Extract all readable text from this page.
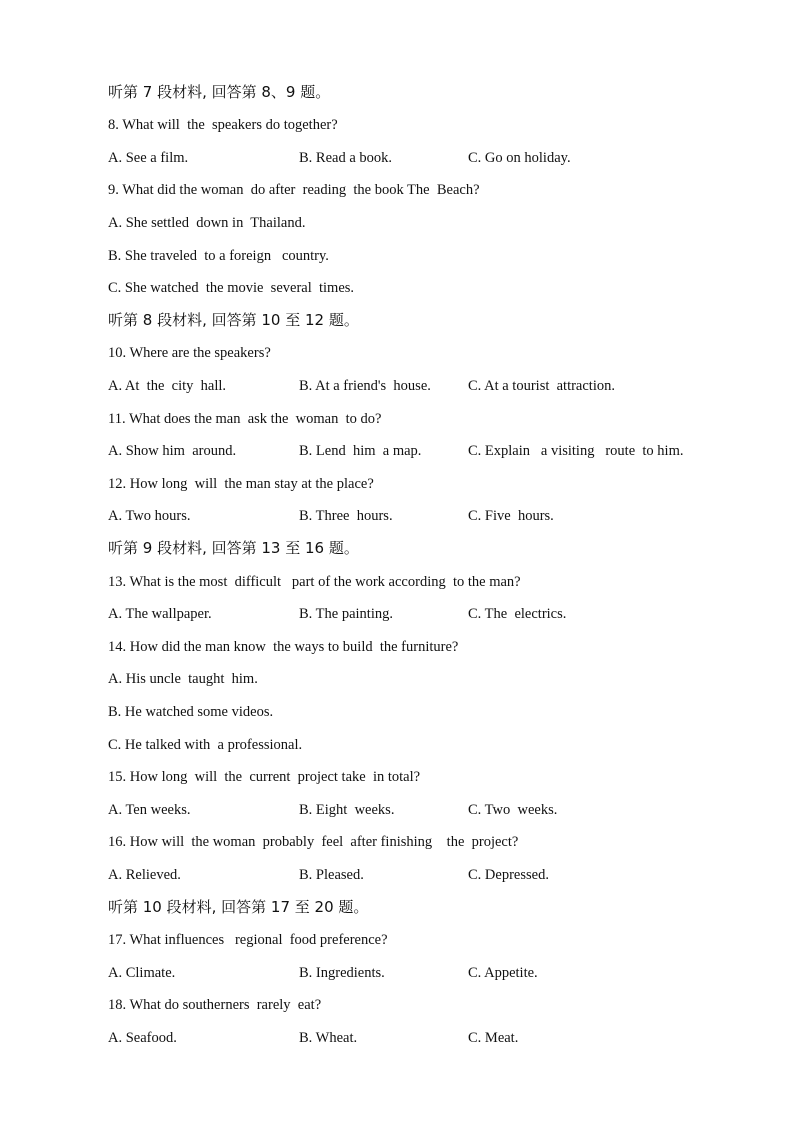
听第 7 段材料, 回答第 8、9 题。
8. What will  the  speakers do together?
A. See a film.	B. Read a book.	C. Go on holiday.
9. What did the woman  do after  reading  the book The  Beach?
A. She settled  down in  Thailand.
B. She traveled  to a foreign   country.
C. She watched  the movie  several  times.
听第 8 段材料, 回答第 10 至 12 题。
10. Where are the speakers?
A. At  the  city  hall.	B. At a friend's  house.	C. At a tourist  attraction.
11. What does the man  ask the  woman  to do?
A. Show him  around.	B. Lend  him  a map.	C. Explain   a visiting   route  to him.
12. How long  will  the man stay at the place?
A. Two hours.	B. Three  hours.	C. Five  hours.
听第 9 段材料, 回答第 13 至 16 题。
13. What is the most  difficult   part of the work according  to the man?
A. The wallpaper.	B. The painting.	C. The  electrics.
14. How did the man know  the ways to build  the furniture?
A. His uncle  taught  him.
B. He watched some videos.
C. He talked with  a professional.
15. How long  will  the  current  project take  in total?
A. Ten weeks.	B. Eight  weeks.	C. Two  weeks.
16. How will  the woman  probably  feel  after finishing    the  project?
A. Relieved.	B. Pleased.	C. Depressed.
听第 10 段材料, 回答第 17 至 20 题。
17. What influences   regional  food preference?
A. Climate.	B. Ingredients.	C. Appetite.
18. What do southerners  rarely  eat?
A. Seafood.	B. Wheat.	C. Meat.
